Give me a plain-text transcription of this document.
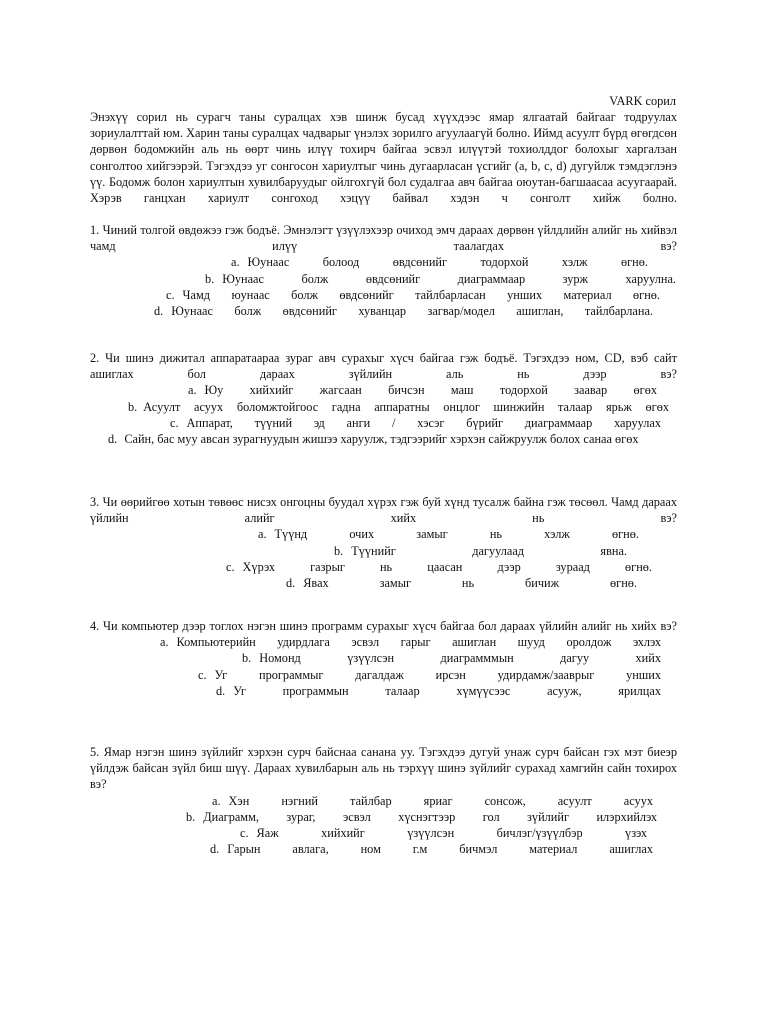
VARK сорил

Энэхүү сорил нь сурагч таны суралцах хэв шинж бусад хүүхдээс ямар ялгаатай байгааг тодруулах зориулалттай юм. Харин таны суралцах чадварыг үнэлэх зорилго агуулаагүй болно. Иймд асуулт бүрд өгөгдсөн дөрвөн бодомжийн аль нь өөрт чинь илүү тохирч байгаа эсвэл илүүтэй тохиолддог болохыг харгалзан сонголтоо хийгээрэй. Тэгэхдээ уг сонгосон хариултыг чинь дугаарласан үсгийг (a, b, c, d) дугуйлж тэмдэглэнэ үү. Бодомж болон хариултын хувилбаруудыг ойлгохгүй бол судалгаа авч байгаа оюутан-багшаасаа асуугаарай. Хэрэв ганцхан хариулт сонгоход хэцүү байвал хэдэн ч сонголт хийж болно.

1. Чиний толгой өвдөжээ гэж бодъё. Эмнэлэгт үзүүлэхээр очиход эмч дараах дөрвөн үйлдлийн алийг нь хийвэл чамд илүү таалагдах вэ?

a. Юунаас болоод өвдсөнийг тодорхой хэлж өгнө.
b. Юунаас болж өвдсөнийг диаграммаар зурж харуулна.
c. Чамд юунаас болж өвдсөнийг тайлбарласан унших материал өгнө.
d. Юунаас болж өвдсөнийг хуванцар загвар/модел ашиглан, тайлбарлана.

2. Чи шинэ дижитал аппаратаараа зураг авч сурахыг хүсч байгаа гэж бодъё. Тэгэхдээ ном, CD, вэб сайт ашиглах бол дараах зүйлийн аль нь дээр вэ?

a. Юу хийхийг жагсаан бичсэн маш тодорхой заавар өгөх
b. Асуулт асуух боломжтойгоос гадна аппаратны онцлог шинжийн талаар ярьж өгөх
c. Аппарат, түүний эд анги / хэсэг бүрийг диаграммаар харуулах
d. Сайн, бас муу авсан зурагнуудын жишээ харуулж, тэдгээрийг хэрхэн сайжруулж болох санаа өгөх

3. Чи өөрийгөө хотын төвөөс нисэх онгоцны буудал хүрэх гэж буй хүнд тусалж байна гэж төсөөл. Чамд дараах үйлийн алийг хийх нь вэ?

a. Түүнд очих замыг нь хэлж өгнө.
b. Түүнийг дагуулаад явна.
c. Хүрэх газрыг нь цаасан дээр зураад өгнө.
d. Явах замыг нь бичиж өгнө.

4. Чи компьютер дээр тоглох нэгэн шинэ программ сурахыг хүсч байгаа бол дараах үйлийн алийг нь хийх вэ?

a. Компьютерийн удирдлага эсвэл гарыг ашиглан шууд оролдож эхлэх
b. Номонд үзүүлсэн диаграмммын дагуу хийх
c. Уг программыг дагалдаж ирсэн удирдамж/зааврыг унших
d. Уг программын талаар хүмүүсээс асууж, ярилцах

5. Ямар нэгэн шинэ зүйлийг хэрхэн сурч байснаа санана уу. Тэгэхдээ дугуй унаж сурч байсан гэх мэт биеэр үйлдэж байсан зүйл биш шүү. Дараах хувилбарын аль нь тэрхүү шинэ зүйлийг сурахад хамгийн сайн тохирох вэ?

a. Хэн нэгний тайлбар яриаг сонсож, асуулт асуух
b. Диаграмм, зураг, эсвэл хүснэгтээр гол зүйлийг илэрхийлэх
c. Яаж хийхийг үзүүлсэн бичлэг/үзүүлбэр үзэх
d. Гарын авлага, ном г.м бичмэл материал ашиглах
